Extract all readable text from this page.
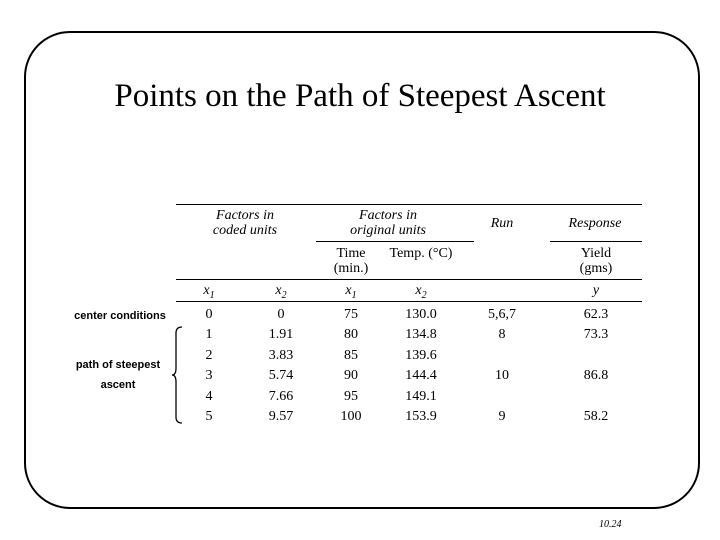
Points on the Path of Steepest Ascent
Factors in
coded units
Factors in
original units	Run	Response
Time
(min.)
Temp. (°C)	Yield
(gms)
$x_1$	$x_2$	$x_1$	$x_2$	y
0	0	75	130.0	5,6,7	62.3
1	1.91	80	134.8	8	73.3
2	3.83	85	139.6
3	5.74	90	144.4	10	86.8
4	7.66	95	149.1
5	9.57	100	153.9	9	58.2
center conditions
path of steepest
ascent
10.24
